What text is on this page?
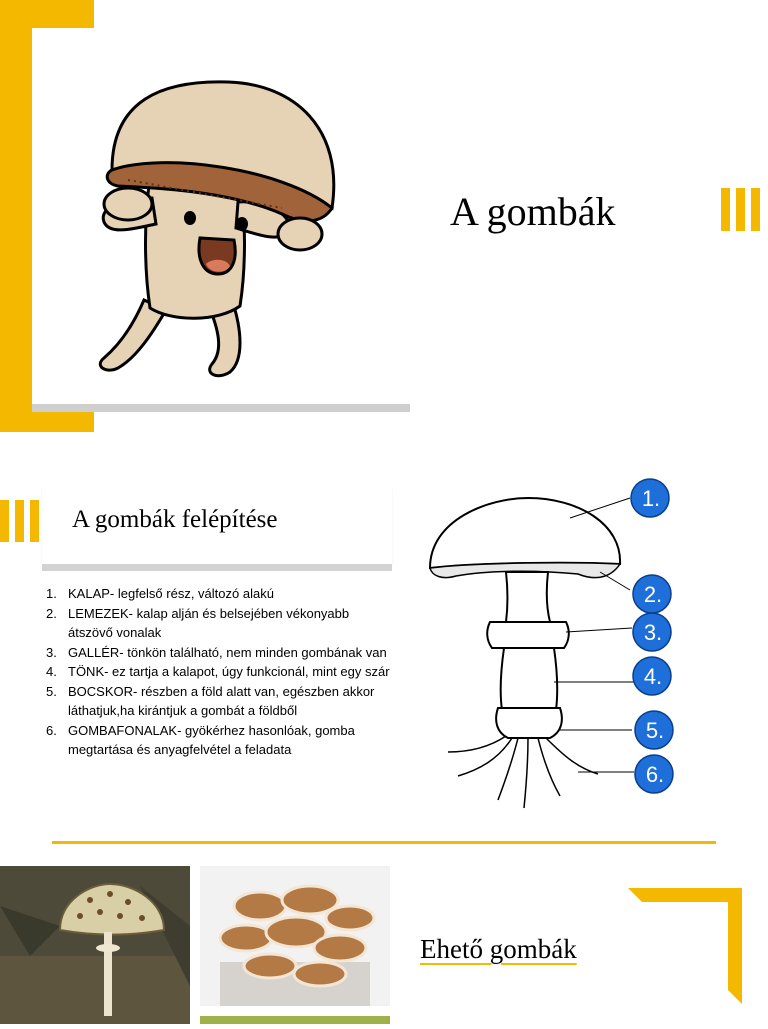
A gombák
A gombák felépítése
1. KALAP- legfelső rész, változó alakú
2. LEMEZEK- kalap alján és belsejében vékonyabb átszövő vonalak
3. GALLÉR- tönkön található, nem minden gombának van
4. TÖNK- ez tartja a kalapot, úgy funkcionál, mint egy szár
5. BOCSKOR- részben a föld alatt van, egészben akkor láthatjuk,ha kirántjuk a gombát a földből
6. GOMBAFONALAK- gyökérhez hasonlóak, gomba megtartása és anyagfelvétel a feladata
1.
2.
3.
4.
5.
6.
Ehető gombák
